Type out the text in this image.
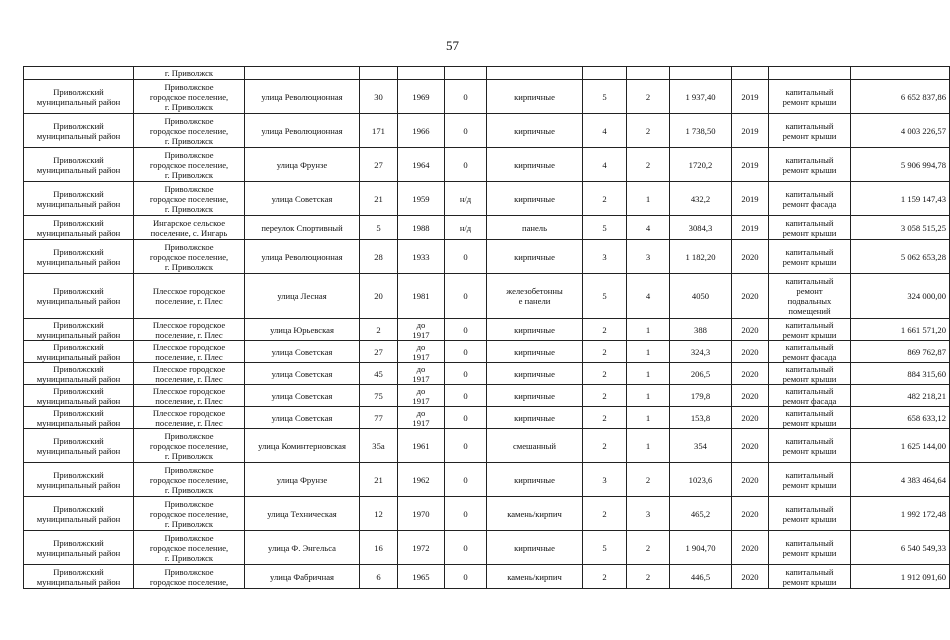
57
	г. Приволжск											
Приволжский
муниципальный район	Приволжское
городское поселение,
г. Приволжск	улица Революционная	30	1969	0	кирпичные	5	2	1 937,40	2019	капитальный
ремонт крыши	6 652 837,86
Приволжский
муниципальный район	Приволжское
городское поселение,
г. Приволжск	улица Революционная	171	1966	0	кирпичные	4	2	1 738,50	2019	капитальный
ремонт крыши	4 003 226,57
Приволжский
муниципальный район	Приволжское
городское поселение,
г. Приволжск	улица Фрунзе	27	1964	0	кирпичные	4	2	1720,2	2019	капитальный
ремонт крыши	5 906 994,78
Приволжский
муниципальный район	Приволжское
городское поселение,
г. Приволжск	улица Советская	21	1959	н/д	кирпичные	2	1	432,2	2019	капитальный
ремонт фасада	1 159 147,43
Приволжский
муниципальный район	Ингарское сельское
поселение, с. Ингарь	переулок Спортивный	5	1988	н/д	панель	5	4	3084,3	2019	капитальный
ремонт крыши	3 058 515,25
Приволжский
муниципальный район	Приволжское
городское поселение,
г. Приволжск	улица Революционная	28	1933	0	кирпичные	3	3	1 182,20	2020	капитальный
ремонт крыши	5 062 653,28
Приволжский
муниципальный район	Плесское городское
поселение, г. Плес	улица Лесная	20	1981	0	железобетонны
е панели	5	4	4050	2020	капитальный
ремонт
подвальных
помещений	324 000,00
Приволжский
муниципальный район	Плесское городское
поселение, г. Плес	улица Юрьевская	2	до
1917	0	кирпичные	2	1	388	2020	капитальный
ремонт крыши	1 661 571,20
Приволжский
муниципальный район	Плесское городское
поселение, г. Плес	улица Советская	27	до
1917	0	кирпичные	2	1	324,3	2020	капитальный
ремонт фасада	869 762,87
Приволжский
муниципальный район	Плесское городское
поселение, г. Плес	улица Советская	45	до
1917	0	кирпичные	2	1	206,5	2020	капитальный
ремонт крыши	884 315,60
Приволжский
муниципальный район	Плесское городское
поселение, г. Плес	улица Советская	75	до
1917	0	кирпичные	2	1	179,8	2020	капитальный
ремонт фасада	482 218,21
Приволжский
муниципальный район	Плесское городское
поселение, г. Плес	улица Советская	77	до
1917	0	кирпичные	2	1	153,8	2020	капитальный
ремонт крыши	658 633,12
Приволжский
муниципальный район	Приволжское
городское поселение,
г. Приволжск	улица Коминтерновская	35а	1961	0	смешанный	2	1	354	2020	капитальный
ремонт крыши	1 625 144,00
Приволжский
муниципальный район	Приволжское
городское поселение,
г. Приволжск	улица Фрунзе	21	1962	0	кирпичные	3	2	1023,6	2020	капитальный
ремонт крыши	4 383 464,64
Приволжский
муниципальный район	Приволжское
городское поселение,
г. Приволжск	улица Техническая	12	1970	0	камень/кирпич	2	3	465,2	2020	капитальный
ремонт крыши	1 992 172,48
Приволжский
муниципальный район	Приволжское
городское поселение,
г. Приволжск	улица Ф. Энгельса	16	1972	0	кирпичные	5	2	1 904,70	2020	капитальный
ремонт крыши	6 540 549,33
Приволжский
муниципальный район	Приволжское
городское поселение,	улица Фабричная	6	1965	0	камень/кирпич	2	2	446,5	2020	капитальный
ремонт крыши	1 912 091,60
